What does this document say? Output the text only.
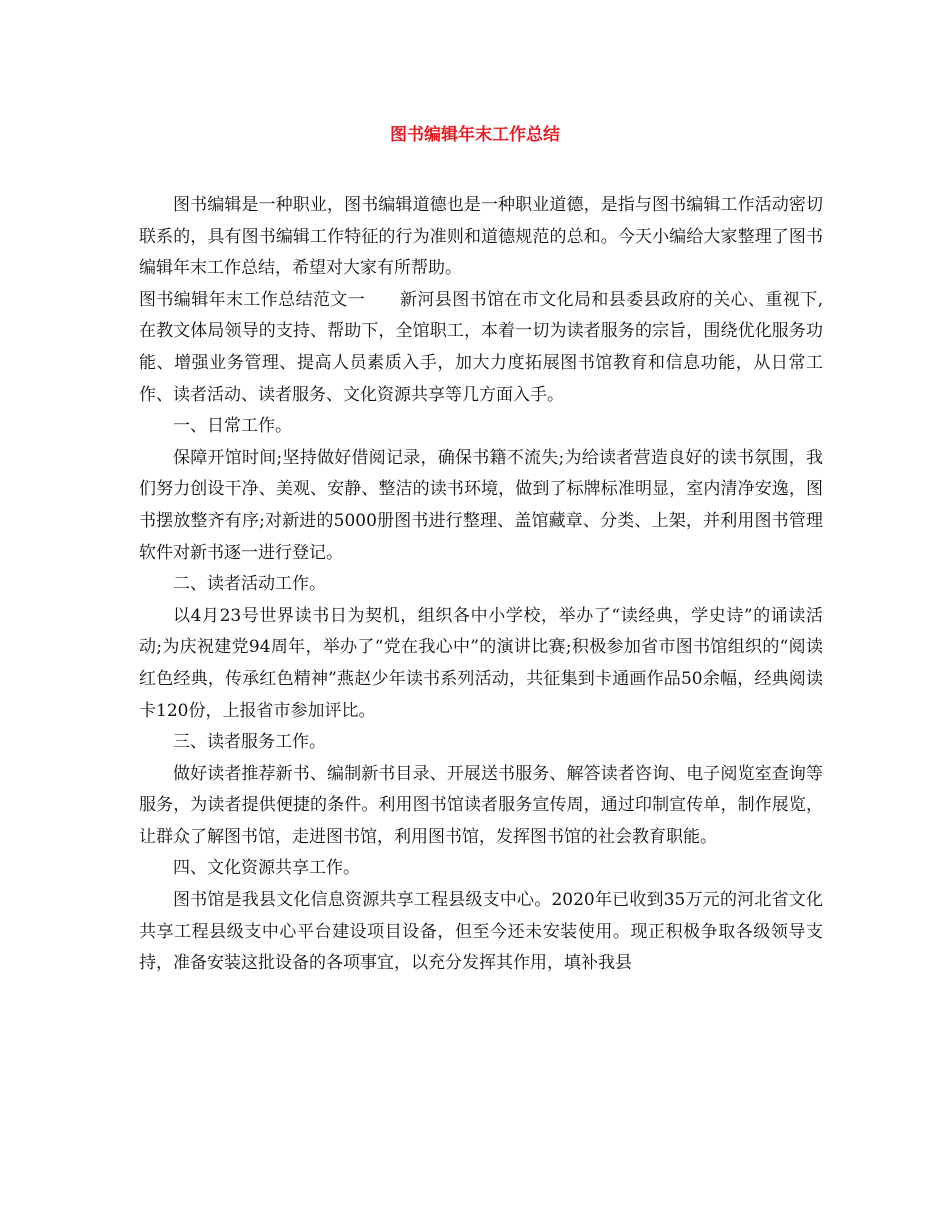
图书编辑年末工作总结

图书编辑是一种职业，图书编辑道德也是一种职业道德，是指与图书编辑工作活动密切联系的，具有图书编辑工作特征的行为准则和道德规范的总和。今天小编给大家整理了图书编辑年末工作总结，希望对大家有所帮助。

图书编辑年末工作总结范文一　　新河县图书馆在市文化局和县委县政府的关心、重视下,在教文体局领导的支持、帮助下，全馆职工，本着一切为读者服务的宗旨，围绕优化服务功能、增强业务管理、提高人员素质入手，加大力度拓展图书馆教育和信息功能，从日常工作、读者活动、读者服务、文化资源共享等几方面入手。

一、日常工作。

保障开馆时间;坚持做好借阅记录，确保书籍不流失;为给读者营造良好的读书氛围，我们努力创设干净、美观、安静、整洁的读书环境，做到了标牌标准明显，室内清净安逸，图书摆放整齐有序;对新进的5000册图书进行整理、盖馆藏章、分类、上架，并利用图书管理软件对新书逐一进行登记。

二、读者活动工作。

以4月23号世界读书日为契机，组织各中小学校，举办了“读经典，学史诗”的诵读活动;为庆祝建党94周年，举办了“党在我心中”的演讲比赛;积极参加省市图书馆组织的“阅读红色经典，传承红色精神”燕赵少年读书系列活动，共征集到卡通画作品50余幅，经典阅读卡120份，上报省市参加评比。

三、读者服务工作。

做好读者推荐新书、编制新书目录、开展送书服务、解答读者咨询、电子阅览室查询等服务，为读者提供便捷的条件。利用图书馆读者服务宣传周，通过印制宣传单，制作展览，让群众了解图书馆，走进图书馆，利用图书馆，发挥图书馆的社会教育职能。

四、文化资源共享工作。

图书馆是我县文化信息资源共享工程县级支中心。2020年已收到35万元的河北省文化共享工程县级支中心平台建设项目设备，但至今还未安装使用。现正积极争取各级领导支持，准备安装这批设备的各项事宜，以充分发挥其作用，填补我县
